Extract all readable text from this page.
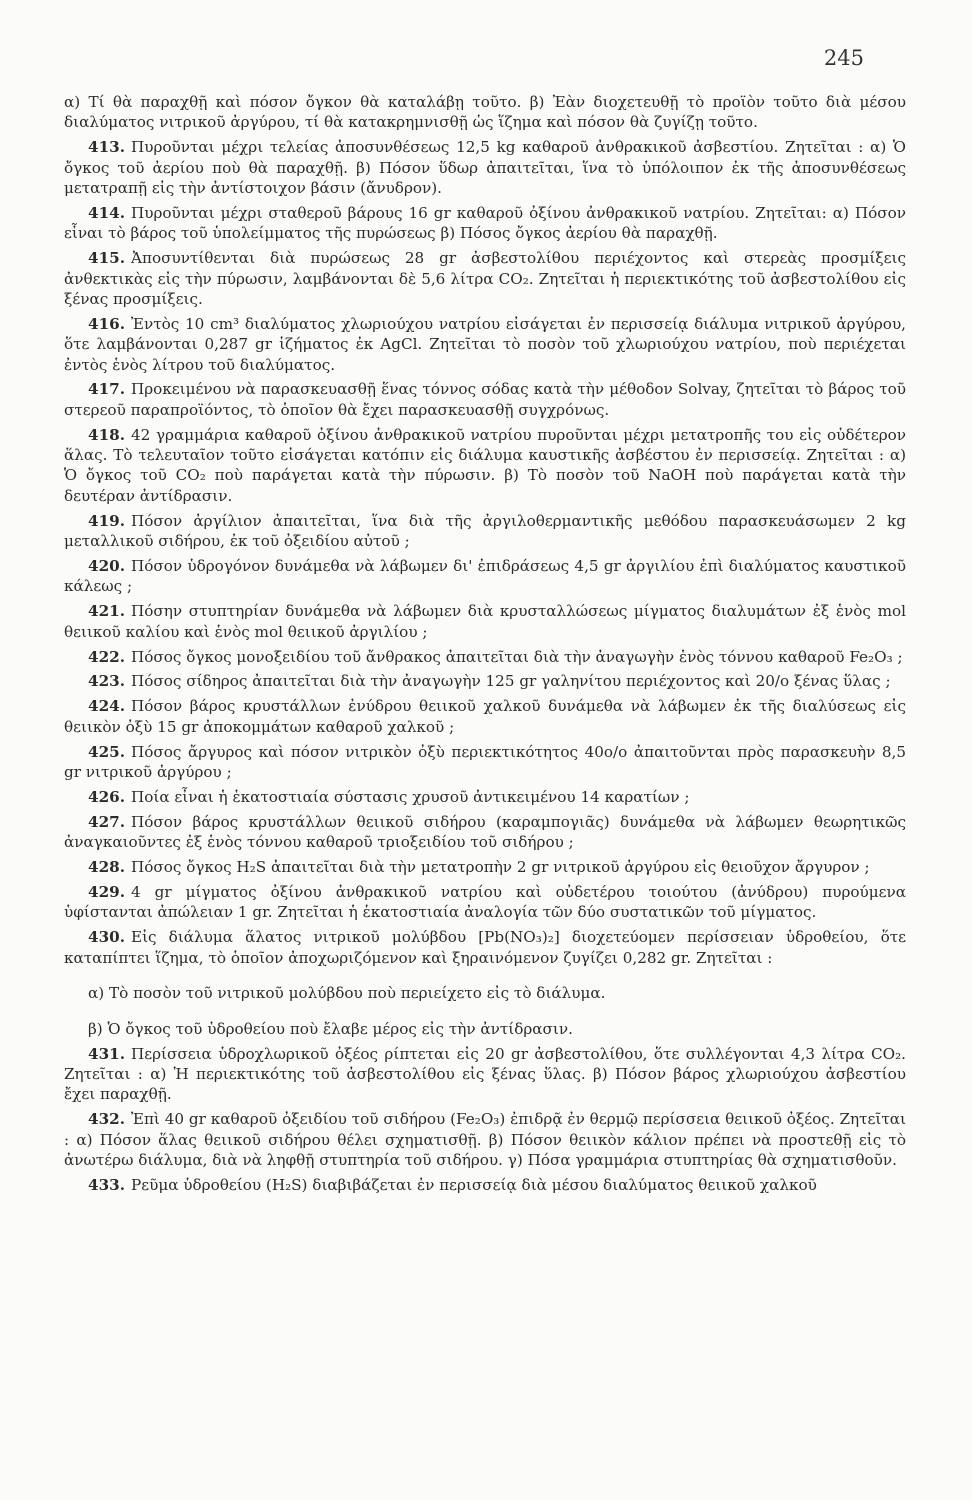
245

α) Τί θὰ παραχθῇ καὶ πόσον ὄγκον θὰ καταλάβῃ τοῦτο. β) Ἐὰν διοχετευθῇ τὸ προϊὸν τοῦτο διὰ μέσου διαλύματος νιτρικοῦ ἀργύρου, τί θὰ κατακρημνισθῇ ὡς ἵζημα καὶ πόσον θὰ ζυγίζῃ τοῦτο.

413. Πυροῦνται μέχρι τελείας ἀποσυνθέσεως 12,5 kg καθαροῦ ἀνθρακικοῦ ἀσβεστίου. Ζητεῖται : α) Ὁ ὄγκος τοῦ ἀερίου ποὺ θὰ παραχθῇ. β) Πόσον ὕδωρ ἀπαιτεῖται, ἵνα τὸ ὑπόλοιπον ἐκ τῆς ἀποσυνθέσεως μετατραπῇ εἰς τὴν ἀντίστοιχον βάσιν (ἄνυδρον).

414. Πυροῦνται μέχρι σταθεροῦ βάρους 16 gr καθαροῦ ὀξίνου ἀνθρακικοῦ νατρίου. Ζητεῖται: α) Πόσον εἶναι τὸ βάρος τοῦ ὑπολείμματος τῆς πυρώσεως β) Πόσος ὄγκος ἀερίου θὰ παραχθῇ.

415. Ἀποσυντίθενται διὰ πυρώσεως 28 gr ἀσβεστολίθου περιέχοντος καὶ στερεὰς προσμίξεις ἀνθεκτικὰς εἰς τὴν πύρωσιν, λαμβάνονται δὲ 5,6 λίτρα CO₂. Ζητεῖται ἡ περιεκτικότης τοῦ ἀσβεστολίθου εἰς ξένας προσμίξεις.

416. Ἐντὸς 10 cm³ διαλύματος χλωριούχου νατρίου εἰσάγεται ἐν περισσείᾳ διάλυμα νιτρικοῦ ἀργύρου, ὅτε λαμβάνονται 0,287 gr ἱζήματος ἐκ AgCl. Ζητεῖται τὸ ποσὸν τοῦ χλωριούχου νατρίου, ποὺ περιέχεται ἐντὸς ἑνὸς λίτρου τοῦ διαλύματος.

417. Προκειμένου νὰ παρασκευασθῇ ἕνας τόννος σόδας κατὰ τὴν μέθοδον Solvay, ζητεῖται τὸ βάρος τοῦ στερεοῦ παραπροϊόντος, τὸ ὁποῖον θὰ ἔχει παρασκευασθῇ συγχρόνως.

418. 42 γραμμάρια καθαροῦ ὀξίνου ἀνθρακικοῦ νατρίου πυροῦνται μέχρι μετατροπῆς του εἰς οὐδέτερον ἅλας. Τὸ τελευταῖον τοῦτο εἰσάγεται κατόπιν εἰς διάλυμα καυστικῆς ἀσβέστου ἐν περισσείᾳ. Ζητεῖται : α) Ὁ ὄγκος τοῦ CO₂ ποὺ παράγεται κατὰ τὴν πύρωσιν. β) Τὸ ποσὸν τοῦ NaOH ποὺ παράγεται κατὰ τὴν δευτέραν ἀντίδρασιν.

419. Πόσον ἀργίλιον ἀπαιτεῖται, ἵνα διὰ τῆς ἀργιλοθερμαντικῆς μεθόδου παρασκευάσωμεν 2 kg μεταλλικοῦ σιδήρου, ἐκ τοῦ ὀξειδίου αὐτοῦ ;

420. Πόσον ὑδρογόνον δυνάμεθα νὰ λάβωμεν δι' ἐπιδράσεως 4,5 gr ἀργιλίου ἐπὶ διαλύματος καυστικοῦ κάλεως ;

421. Πόσην στυπτηρίαν δυνάμεθα νὰ λάβωμεν διὰ κρυσταλλώσεως μίγματος διαλυμάτων ἐξ ἑνὸς mol θειικοῦ καλίου καὶ ἑνὸς mol θειικοῦ ἀργιλίου ;

422. Πόσος ὄγκος μονοξειδίου τοῦ ἄνθρακος ἀπαιτεῖται διὰ τὴν ἀναγωγὴν ἑνὸς τόννου καθαροῦ Fe₂O₃ ;

423. Πόσος σίδηρος ἀπαιτεῖται διὰ τὴν ἀναγωγὴν 125 gr γαληνίτου περιέχοντος καὶ 20/o ξένας ὕλας ;

424. Πόσον βάρος κρυστάλλων ἐνύδρου θειικοῦ χαλκοῦ δυνάμεθα νὰ λάβωμεν ἐκ τῆς διαλύσεως εἰς θειικὸν ὀξὺ 15 gr ἀποκομμάτων καθαροῦ χαλκοῦ ;

425. Πόσος ἄργυρος καὶ πόσον νιτρικὸν ὀξὺ περιεκτικότητος 40o/o ἀπαιτοῦνται πρὸς παρασκευὴν 8,5 gr νιτρικοῦ ἀργύρου ;

426. Ποία εἶναι ἡ ἑκατοστιαία σύστασις χρυσοῦ ἀντικειμένου 14 καρατίων ;

427. Πόσον βάρος κρυστάλλων θειικοῦ σιδήρου (καραμπογιᾶς) δυνάμεθα νὰ λάβωμεν θεωρητικῶς ἀναγκαιοῦντες ἐξ ἑνὸς τόννου καθαροῦ τριοξειδίου τοῦ σιδήρου ;

428. Πόσος ὄγκος H₂S ἀπαιτεῖται διὰ τὴν μετατροπὴν 2 gr νιτρικοῦ ἀργύρου εἰς θειοῦχον ἄργυρον ;

429. 4 gr μίγματος ὀξίνου ἀνθρακικοῦ νατρίου καὶ οὐδετέρου τοιούτου (ἀνύδρου) πυρούμενα ὑφίστανται ἀπώλειαν 1 gr. Ζητεῖται ἡ ἑκατοστιαία ἀναλογία τῶν δύο συστατικῶν τοῦ μίγματος.

430. Εἰς διάλυμα ἅλατος νιτρικοῦ μολύβδου [Pb(NO₃)₂] διοχετεύομεν περίσσειαν ὑδροθείου, ὅτε καταπίπτει ἵζημα, τὸ ὁποῖον ἀποχωριζόμενον καὶ ξηραινόμενον ζυγίζει 0,282 gr. Ζητεῖται :

α) Τὸ ποσὸν τοῦ νιτρικοῦ μολύβδου ποὺ περιείχετο εἰς τὸ διάλυμα.

β) Ὁ ὄγκος τοῦ ὑδροθείου ποὺ ἔλαβε μέρος εἰς τὴν ἀντίδρασιν.

431. Περίσσεια ὑδροχλωρικοῦ ὀξέος ρίπτεται εἰς 20 gr ἀσβεστολίθου, ὅτε συλλέγονται 4,3 λίτρα CO₂. Ζητεῖται : α) Ἡ περιεκτικότης τοῦ ἀσβεστολίθου εἰς ξένας ὕλας. β) Πόσον βάρος χλωριούχου ἀσβεστίου ἔχει παραχθῇ.

432. Ἐπὶ 40 gr καθαροῦ ὀξειδίου τοῦ σιδήρου (Fe₂O₃) ἐπιδρᾷ ἐν θερμῷ περίσσεια θειικοῦ ὀξέος. Ζητεῖται : α) Πόσον ἅλας θειικοῦ σιδήρου θέλει σχηματισθῇ. β) Πόσον θειικὸν κάλιον πρέπει νὰ προστεθῇ εἰς τὸ ἀνωτέρω διάλυμα, διὰ νὰ ληφθῇ στυπτηρία τοῦ σιδήρου. γ) Πόσα γραμμάρια στυπτηρίας θὰ σχηματισθοῦν.

433. Ρεῦμα ὑδροθείου (H₂S) διαβιβάζεται ἐν περισσείᾳ διὰ μέσου διαλύματος θειικοῦ χαλκοῦ
